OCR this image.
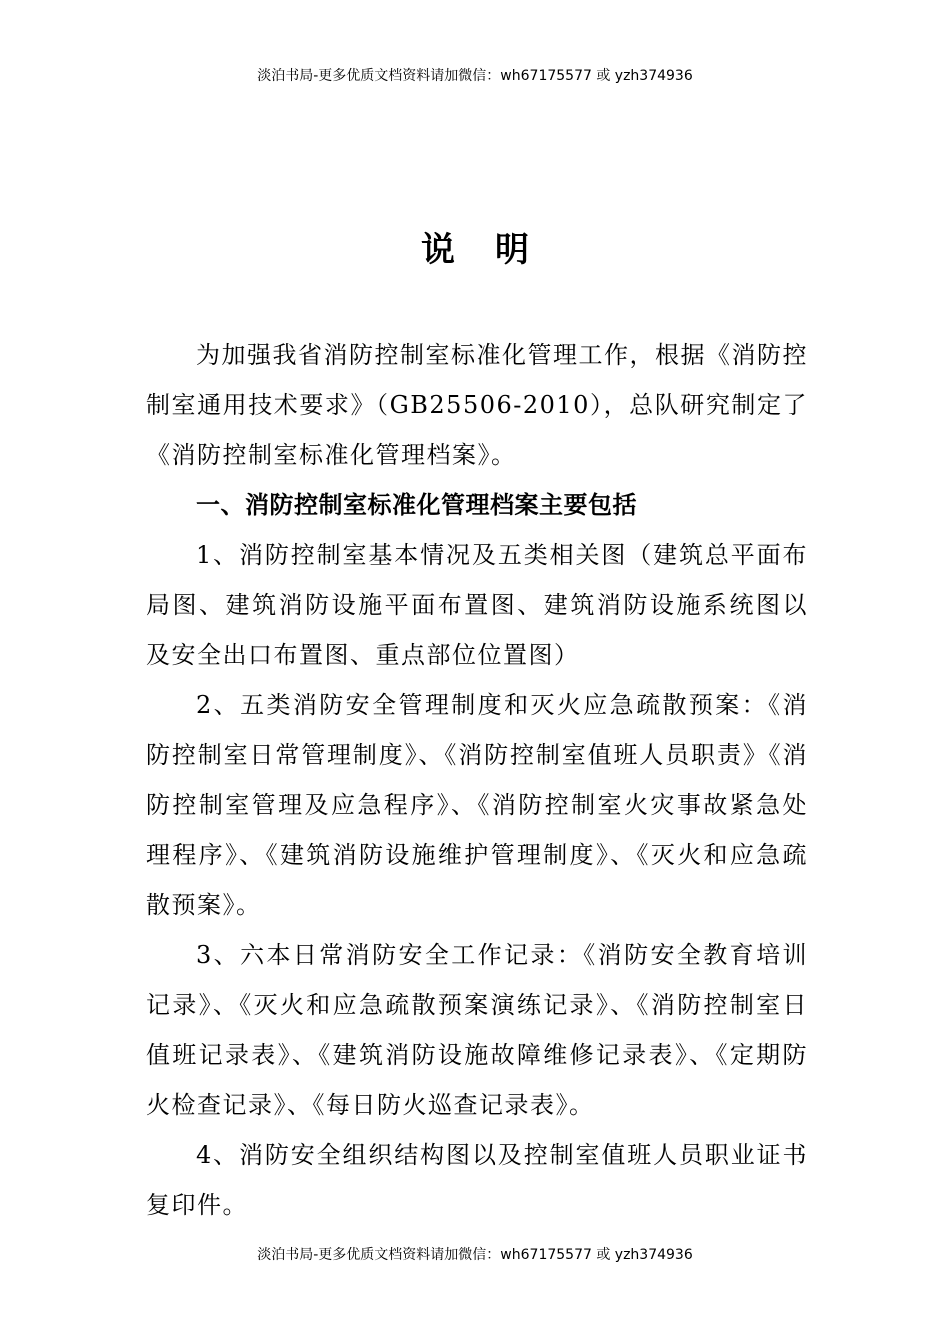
淡泊书局-更多优质文档资料请加微信：wh67175577 或 yzh374936
说 明

为加强我省消防控制室标准化管理工作，根据《消防控制室通用技术要求》（GB25506-2010），总队研究制定了《消防控制室标准化管理档案》。

一、消防控制室标准化管理档案主要包括

1、消防控制室基本情况及五类相关图（建筑总平面布局图、建筑消防设施平面布置图、建筑消防设施系统图以及安全出口布置图、重点部位位置图）

2、五类消防安全管理制度和灭火应急疏散预案：《消防控制室日常管理制度》、《消防控制室值班人员职责》《消防控制室管理及应急程序》、《消防控制室火灾事故紧急处理程序》、《建筑消防设施维护管理制度》、《灭火和应急疏散预案》。

3、六本日常消防安全工作记录：《消防安全教育培训记录》、《灭火和应急疏散预案演练记录》、《消防控制室日值班记录表》、《建筑消防设施故障维修记录表》、《定期防火检查记录》、《每日防火巡查记录表》。

4、消防安全组织结构图以及控制室值班人员职业证书复印件。

淡泊书局-更多优质文档资料请加微信：wh67175577 或 yzh374936
